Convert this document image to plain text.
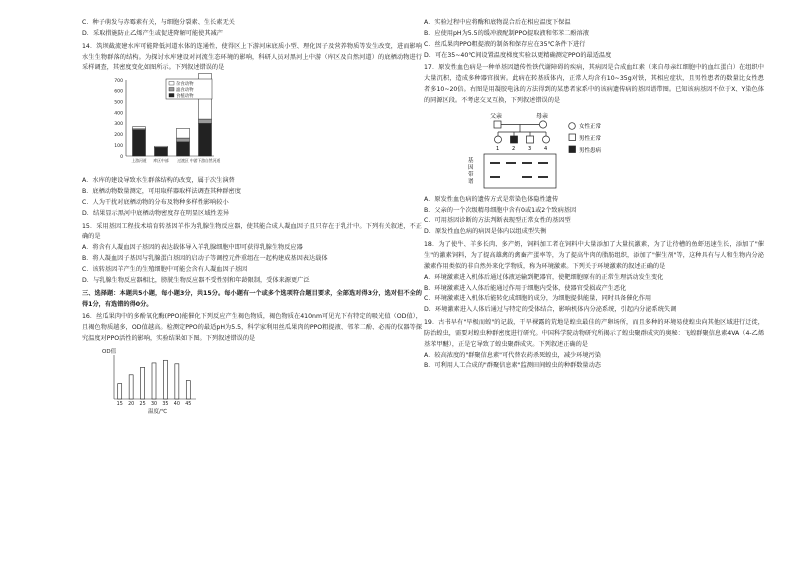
C．种子萌发与赤霉素有关，与细胞分裂素、生长素无关

D．采取措施防止乙烯产生或促进降解可能使其减产

14．筑坝截流建水库可能降低河道水体的连通性，使得区上下游河床底质小型、理化因子及营养物质等发生改变，进而影响水生生物群落的结构。为探讨水库建设对河流生态环境的影响，科研人员对黑河上中游（库区及自然河道）的底栖动物进行采样调查，其密度变化如图所示。下列叙述错误的是

700
600
500
400
300
200
100
0
上游河道 库区中部 过渡区 中游下游自然河道
杂食动物
滤食动物
食植动物

A．水库的建设导致水生群落结构的改变，属于次生演替

B．底栖动物数量测定，可用取样器取样法调查其种群密度

C．人为干扰对底栖动物的分布及物种多样性影响较小

D．结果显示黑河中底栖动物密度存在明显区域性差异

15．采用基因工程技术培育转基因羊作为乳腺生物反应器，使其能合成人凝血因子且只存在于乳汁中。下列有关叙述，不正确的是

A．将含有人凝血因子基因的表达载体导入羊乳腺细胞中即可获得乳腺生物反应器

B．将人凝血因子基因与乳腺蛋白基因的启动子等调控元件重组在一起构建成基因表达载体

C．该转基因羊产生的生殖细胞中可能会含有人凝血因子基因

D．与乳腺生物反应器相比，膀胱生物反应器不受性别和年龄限制，受体来源更广泛

三、选择题：本题共5小题，每小题3分，共15分。每小题有一个或多个选项符合题目要求，全部选对得3分，选对但不全的得1分，有选错的得0分。

16．丝瓜果肉中的多酚氧化酶(PPO)能催化下列反应产生褐色物质，褐色物质在410nm可见光下有特定的吸光值（OD值），且褐色物质越多，OD值越高。检测定PPO的最适pH为5.5，科学家利用丝瓜果肉的PPO粗提液、邻苯二酚、必需的仪器等探究温度对PPO活性的影响，实验结果如下图。下列叙述错误的是

OD值
15 20 25 30 35 40 45
温度/℃

A．实验过程中应将酶和底物混合后在相应温度下保温

B．应使用pH为5.5的缓冲液配制PPO提取液和邻苯二酚溶液

C．丝瓜果肉PPO粗提液的制备和保存应在35℃条件下进行

D．可在35~40℃间设置温度梯度实验以更精确测定PPO的最适温度

17．原发性血色病是一种单基因遗传性铁代谢障碍的疾病，其病因是合成血红素（来自母亲红细胞中的血红蛋白）在组织中大量沉积，造成多种器官损害。此病在转基质体内，正常人均含有10~35g对铁，其相应症状，且男性患者的数量比女性患者多10~20倍。右图是用凝胶电泳的方法得到的某患者家系中的该病遗传病的基因谱带图。已知该病基因不位于X、Y染色体的同源区段。不考虑交叉互换，下列叙述错误的是

父亲	母亲
1	2	3	4
基
因
带
谱
女性正常
男性正常
男性患病

A．原发性血色病的遗传方式是常染色体隐性遗传

B．父亲的一个次级精母细胞中含有0或1或2个致病基因

C．可用基因诊断的方法判断表现型正常女性的基因型

D．原发性血色病的病因是体内以组成型失衡

18．为了使牛、羊多长肉、多产奶，饲料加工者在饲料中大量添加了大量抗激素，为了让待槽的鱼虾迅速生长，添加了"催生"的激素饲料，为了提高雄禽的禽畜产蛋率等，为了提高牛肉的脂肪组织，添加了"催生剂"等，这种具有与人和生物内分泌激素作用类似的非自然外来化学物质，称为环境激素。下列关于环境激素的叙述正确的是

A．环境激素进入机体后通过体液运输到靶器官，使靶细胞原有的正常生理活动发生变化

B．环境激素进入人体后能通过作用于细胞内受体，使器官受损或产生恶化

C．环境激素进入机体后能转化成细胞的成分，为细胞提供能量，同时具备催化作用

D．环境激素进入人体后通过与特定的受体结合，影响机体内分泌系统，引起内分泌系统失调

19．古书早有"旱极而蝗"的记载，干旱裸露的荒地是蝗虫最佳的产卵场所，而且多种的环境易使蝗虫向其他区域进行迁徙，防治蝗虫，需要对蝗虫种群密度进行研究。中国科学院动物研究所揭示了蝗虫聚群成灾的奥秘：飞蝗群聚信息素4VA（4-乙烯基苯甲醚），正是它导致了蝗虫聚群成灾。下列叙述正确的是

A．较高浓度的"群聚信息素"可代替农药杀死蝗虫，减少环境污染

B．可利用人工合成的"群聚信息素"监测田间蝗虫的种群数量动态
